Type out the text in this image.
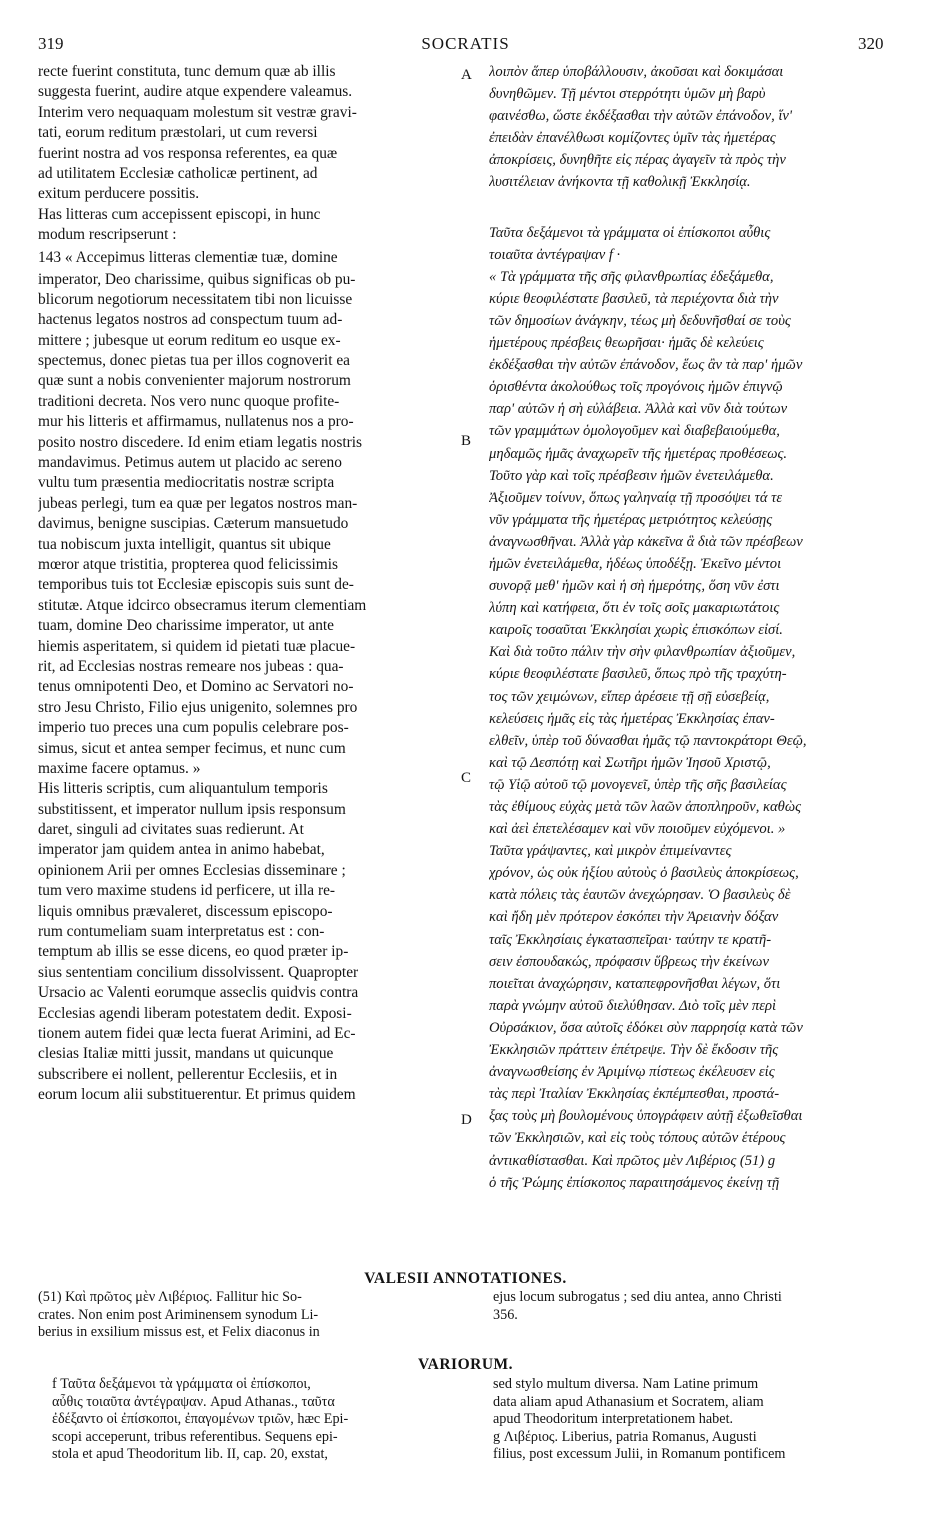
319	SOCRATIS	320
recte fuerint constituta, tunc demum quæ ab illis
suggesta fuerint, audire atque expendere valeamus.
Interim vero nequaquam molestum sit vestræ gravi-
tati, eorum reditum præstolari, ut cum reversi
fuerint nostra ad vos responsa referentes, ea quæ
ad utilitatem Ecclesiæ catholicæ pertinent, ad
exitum perducere possitis.
Has litteras cum accepissent episcopi, in hunc
modum rescripserunt :
143 « Accepimus litteras clementiæ tuæ, domine
imperator, Deo charissime, quibus significas ob pu-
blicorum negotiorum necessitatem tibi non licuisse
hactenus legatos nostros ad conspectum tuum ad-
mittere ; jubesque ut eorum reditum eo usque ex-
spectemus, donec pietas tua per illos cognoverit ea
quæ sunt a nobis convenienter majorum nostrorum
traditioni decreta. Nos vero nunc quoque profite-
mur his litteris et affirmamus, nullatenus nos a pro-
posito nostro discedere. Id enim etiam legatis nostris
mandavimus. Petimus autem ut placido ac sereno
vultu tum præsentia mediocritatis nostræ scripta
jubeas perlegi, tum ea quæ per legatos nostros man-
davimus, benigne suscipias. Cæterum mansuetudo
tua nobiscum juxta intelligit, quantus sit ubique
mœror atque tristitia, propterea quod felicissimis
temporibus tuis tot Ecclesiæ episcopis suis sunt de-
stitutæ. Atque idcirco obsecramus iterum clementiam
tuam, domine Deo charissime imperator, ut ante
hiemis asperitatem, si quidem id pietati tuæ placue-
rit, ad Ecclesias nostras remeare nos jubeas : qua-
tenus omnipotenti Deo, et Domino ac Servatori no-
stro Jesu Christo, Filio ejus unigenito, solemnes pro
imperio tuo preces una cum populis celebrare pos-
simus, sicut et antea semper fecimus, et nunc cum
maxime facere optamus. »
His litteris scriptis, cum aliquantulum temporis
substitissent, et imperator nullum ipsis responsum
daret, singuli ad civitates suas redierunt. At
imperator jam quidem antea in animo habebat,
opinionem Arii per omnes Ecclesias disseminare ;
tum vero maxime studens id perficere, ut illa re-
liquis omnibus prævaleret, discessum episcopo-
rum contumeliam suam interpretatus est : con-
temptum ab illis se esse dicens, eo quod præter ip-
sius sententiam concilium dissolvissent. Quapropter
Ursacio ac Valenti eorumque asseclis quidvis contra
Ecclesias agendi liberam potestatem dedit. Exposi-
tionem autem fidei quæ lecta fuerat Arimini, ad Ec-
clesias Italiæ mitti jussit, mandans ut quicunque
subscribere ei nollent, pellerentur Ecclesiis, et in
eorum locum alii substituerentur. Et primus quidem
λοιπὸν ἅπερ ὑποβάλλουσιν, ἀκοῦσαι καὶ δοκιμάσαι
δυνηθῶμεν. Τῇ μέντοι στερρότητι ὑμῶν μὴ βαρὺ
φαινέσθω, ὥστε ἐκδέξασθαι τὴν αὐτῶν ἐπάνοδον, ἵν'
ἐπειδὰν ἐπανέλθωσι κομίζοντες ὑμῖν τὰς ἡμετέρας
ἀποκρίσεις, δυνηθῆτε εἰς πέρας ἀγαγεῖν τὰ πρὸς τὴν
λυσιτέλειαν ἀνήκοντα τῇ καθολικῇ Ἐκκλησίᾳ.
Ταῦτα δεξάμενοι τὰ γράμματα οἱ ἐπίσκοποι αὖθις
τοιαῦτα ἀντέγραψαν f ·
« Τὰ γράμματα τῆς σῆς φιλανθρωπίας ἐδεξάμεθα,
κύριε θεοφιλέστατε βασιλεῦ, τὰ περιέχοντα διὰ τὴν
τῶν δημοσίων ἀνάγκην, τέως μὴ δεδυνῆσθαί σε τοὺς
ἡμετέρους πρέσβεις θεωρῆσαι· ἡμᾶς δὲ κελεύεις
ἐκδέξασθαι τὴν αὐτῶν ἐπάνοδον, ἕως ἂν τὰ παρ' ἡμῶν
ὁρισθέντα ἀκολούθως τοῖς προγόνοις ἡμῶν ἐπιγνῷ
παρ' αὐτῶν ἡ σὴ εὐλάβεια. Ἀλλὰ καὶ νῦν διὰ τούτων
τῶν γραμμάτων ὁμολογοῦμεν καὶ διαβεβαιούμεθα,
μηδαμῶς ἡμᾶς ἀναχωρεῖν τῆς ἡμετέρας προθέσεως.
Τοῦτο γὰρ καὶ τοῖς πρέσβεσιν ἡμῶν ἐνετειλάμεθα.
Ἀξιοῦμεν τοίνυν, ὅπως γαληναίᾳ τῇ προσόψει τά τε
νῦν γράμματα τῆς ἡμετέρας μετριότητος κελεύσῃς
ἀναγνωσθῆναι. Ἀλλὰ γὰρ κἀκεῖνα ἃ διὰ τῶν πρέσβεων
ἡμῶν ἐνετειλάμεθα, ἡδέως ὑποδέξῃ. Ἐκεῖνο μέντοι
συνορᾷ μεθ' ἡμῶν καὶ ἡ σὴ ἡμερότης, ὅση νῦν ἐστι
λύπη καὶ κατήφεια, ὅτι ἐν τοῖς σοῖς μακαριωτάτοις
καιροῖς τοσαῦται Ἐκκλησίαι χωρὶς ἐπισκόπων εἰσί.
Καὶ διὰ τοῦτο πάλιν τὴν σὴν φιλανθρωπίαν ἀξιοῦμεν,
κύριε θεοφιλέστατε βασιλεῦ, ὅπως πρὸ τῆς τραχύτη-
τος τῶν χειμώνων, εἴπερ ἀρέσειε τῇ σῇ εὐσεβείᾳ,
κελεύσεις ἡμᾶς εἰς τὰς ἡμετέρας Ἐκκλησίας ἐπαν-
ελθεῖν, ὑπὲρ τοῦ δύνασθαι ἡμᾶς τῷ παντοκράτορι Θεῷ,
καὶ τῷ Δεσπότῃ καὶ Σωτῆρι ἡμῶν Ἰησοῦ Χριστῷ,
τῷ Υἱῷ αὐτοῦ τῷ μονογενεῖ, ὑπὲρ τῆς σῆς βασιλείας
τὰς ἐθίμους εὐχὰς μετὰ τῶν λαῶν ἀποπληροῦν, καθὼς
καὶ ἀεὶ ἐπετελέσαμεν καὶ νῦν ποιοῦμεν εὐχόμενοι. »
Ταῦτα γράψαντες, καὶ μικρὸν ἐπιμείναντες
χρόνον, ὡς οὐκ ἠξίου αὐτοὺς ὁ βασιλεὺς ἀποκρίσεως,
κατὰ πόλεις τὰς ἑαυτῶν ἀνεχώρησαν. Ὁ βασιλεὺς δὲ
καὶ ἤδη μὲν πρότερον ἐσκόπει τὴν Ἀρειανὴν δόξαν
ταῖς Ἐκκλησίαις ἐγκατασπεῖραι· ταύτην τε κρατῆ-
σειν ἐσπουδακώς, πρόφασιν ὕβρεως τὴν ἐκείνων
ποιεῖται ἀναχώρησιν, καταπεφρονῆσθαι λέγων, ὅτι
παρὰ γνώμην αὐτοῦ διελύθησαν. Διὸ τοῖς μὲν περὶ
Οὐρσάκιον, ὅσα αὐτοῖς ἐδόκει σὺν παρρησίᾳ κατὰ τῶν
Ἐκκλησιῶν πράττειν ἐπέτρεψε. Τὴν δὲ ἔκδοσιν τῆς
ἀναγνωσθείσης ἐν Ἀριμίνῳ πίστεως ἐκέλευσεν εἰς
τὰς περὶ Ἰταλίαν Ἐκκλησίας ἐκπέμπεσθαι, προστά-
ξας τοὺς μὴ βουλομένους ὑπογράφειν αὐτῇ ἐξωθεῖσθαι
τῶν Ἐκκλησιῶν, καὶ εἰς τοὺς τόπους αὐτῶν ἑτέρους
ἀντικαθίστασθαι. Καὶ πρῶτος μὲν Λιβέριος (51) g
ὁ τῆς Ῥώμης ἐπίσκοπος παραιτησάμενος ἐκείνῃ τῇ
A
B
C
D
VALESII ANNOTATIONES.
(51) Καὶ πρῶτος μὲν Λιβέριος. Fallitur hic So-
crates. Non enim post Ariminensem synodum Li-
berius in exsilium missus est, et Felix diaconus in
ejus locum subrogatus ; sed diu antea, anno Christi
356.
VARIORUM.
f Ταῦτα δεξάμενοι τὰ γράμματα οἱ ἐπίσκοποι,
αὖθις τοιαῦτα ἀντέγραψαν. Apud Athanas., ταῦτα
ἐδέξαντο οἱ ἐπίσκοποι, ἐπαγομένων τριῶν, hæc Epi-
scopi acceperunt, tribus referentibus. Sequens epi-
stola et apud Theodoritum lib. II, cap. 20, exstat,
sed stylo multum diversa. Nam Latine primum
data aliam apud Athanasium et Socratem, aliam
apud Theodoritum interpretationem habet.
g Λιβέριος. Liberius, patria Romanus, Augusti
filius, post excessum Julii, in Romanum pontificem
